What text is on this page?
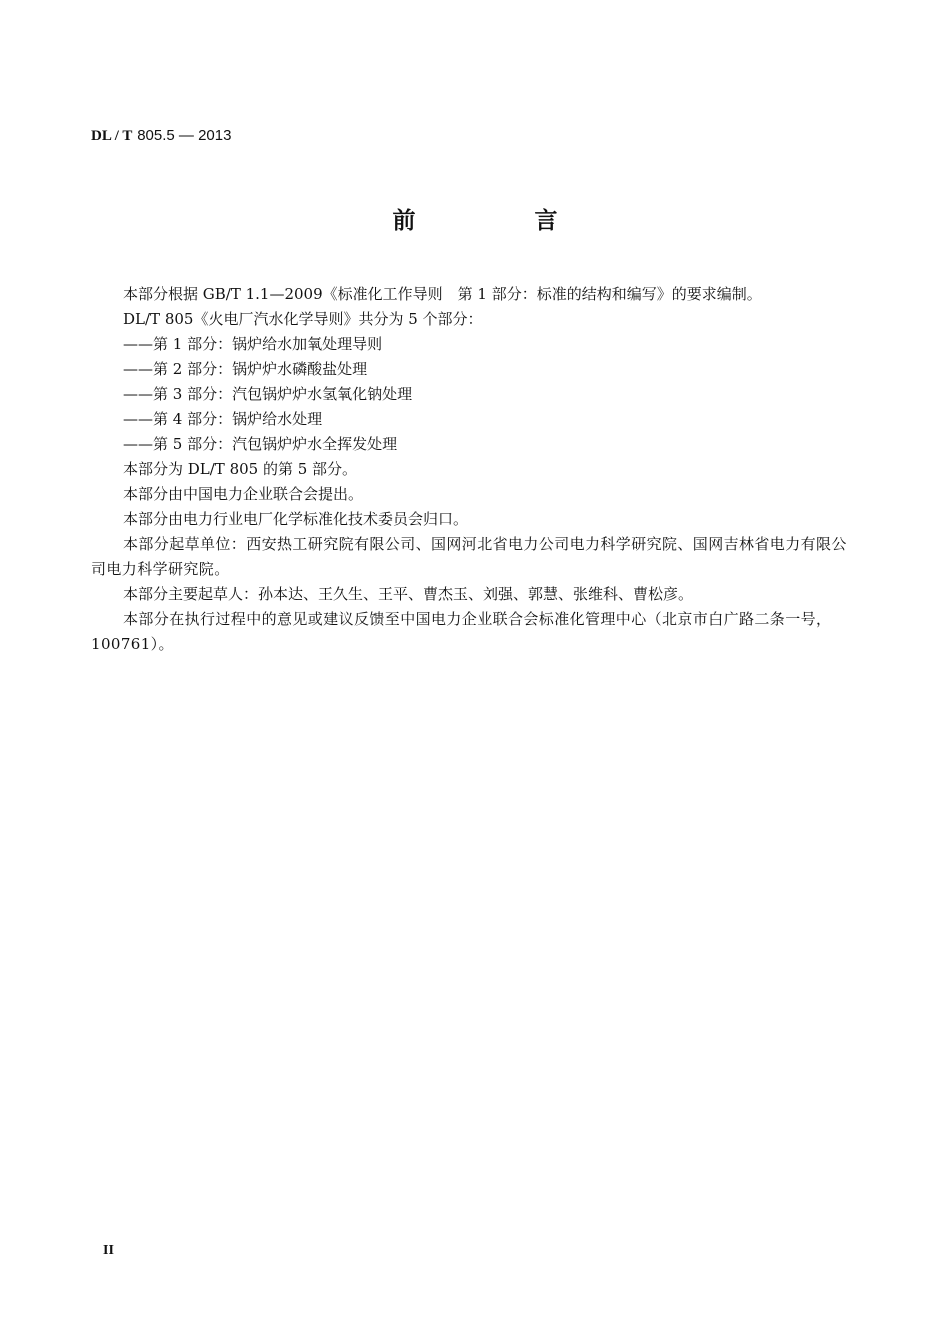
DL / T 805.5 — 2013
前　言

本部分根据 GB/T 1.1—2009《标准化工作导则　第 1 部分：标准的结构和编写》的要求编制。

DL/T 805《火电厂汽水化学导则》共分为 5 个部分：

——第 1 部分：锅炉给水加氧处理导则

——第 2 部分：锅炉炉水磷酸盐处理

——第 3 部分：汽包锅炉炉水氢氧化钠处理

——第 4 部分：锅炉给水处理

——第 5 部分：汽包锅炉炉水全挥发处理

本部分为 DL/T 805 的第 5 部分。

本部分由中国电力企业联合会提出。

本部分由电力行业电厂化学标准化技术委员会归口。

本部分起草单位：西安热工研究院有限公司、国网河北省电力公司电力科学研究院、国网吉林省电力有限公司电力科学研究院。

本部分主要起草人：孙本达、王久生、王平、曹杰玉、刘强、郭慧、张维科、曹松彦。

本部分在执行过程中的意见或建议反馈至中国电力企业联合会标准化管理中心（北京市白广路二条一号，100761）。

II
